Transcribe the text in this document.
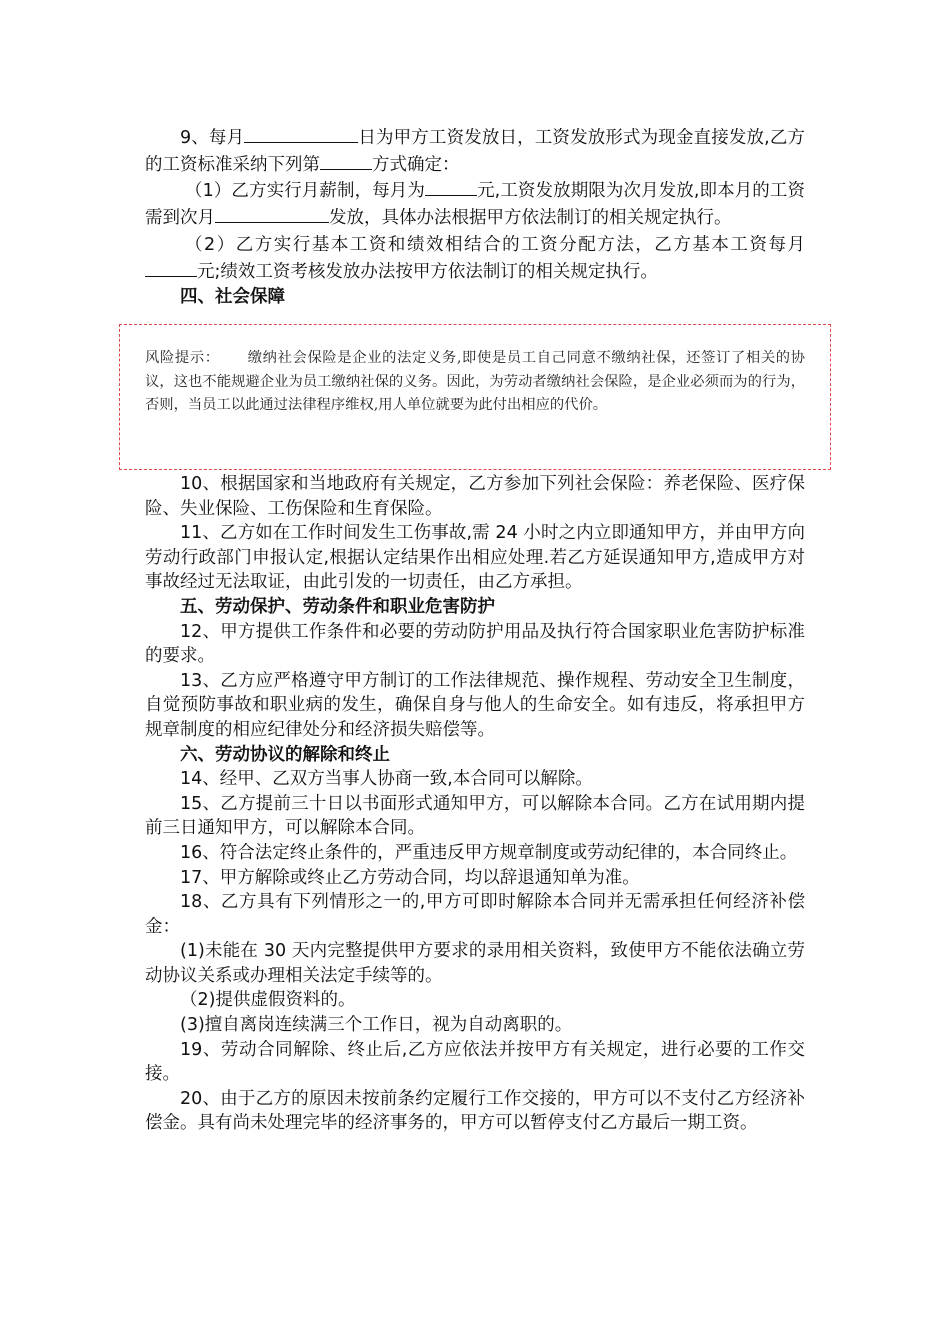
9、每月	日为甲方工资发放日，工资发放形式为现金直接发放,乙方的工资标准采纳下列第	方式确定：

（1）乙方实行月薪制，每月为	元,工资发放期限为次月发放,即本月的工资需到次月	发放，具体办法根据甲方依法制订的相关规定执行。

（2）乙方实行基本工资和绩效相结合的工资分配方法，乙方基本工资每月元;绩效工资考核发放办法按甲方依法制订的相关规定执行。

四、社会保障

风险提示： 缴纳社会保险是企业的法定义务,即使是员工自己同意不缴纳社保，还签订了相关的协议，这也不能规避企业为员工缴纳社保的义务。因此，为劳动者缴纳社会保险，是企业必须而为的行为，否则，当员工以此通过法律程序维权,用人单位就要为此付出相应的代价。

10、根据国家和当地政府有关规定，乙方参加下列社会保险：养老保险、医疗保险、失业保险、工伤保险和生育保险。

11、乙方如在工作时间发生工伤事故,需 24 小时之内立即通知甲方，并由甲方向劳动行政部门申报认定,根据认定结果作出相应处理.若乙方延误通知甲方,造成甲方对事故经过无法取证，由此引发的一切责任，由乙方承担。

五、劳动保护、劳动条件和职业危害防护

12、甲方提供工作条件和必要的劳动防护用品及执行符合国家职业危害防护标准的要求。

13、乙方应严格遵守甲方制订的工作法律规范、操作规程、劳动安全卫生制度，自觉预防事故和职业病的发生，确保自身与他人的生命安全。如有违反，将承担甲方规章制度的相应纪律处分和经济损失赔偿等。

六、劳动协议的解除和终止

14、经甲、乙双方当事人协商一致,本合同可以解除。

15、乙方提前三十日以书面形式通知甲方，可以解除本合同。乙方在试用期内提前三日通知甲方，可以解除本合同。

16、符合法定终止条件的，严重违反甲方规章制度或劳动纪律的，本合同终止。

17、甲方解除或终止乙方劳动合同，均以辞退通知单为准。

18、乙方具有下列情形之一的,甲方可即时解除本合同并无需承担任何经济补偿金：

(1)未能在 30 天内完整提供甲方要求的录用相关资料，致使甲方不能依法确立劳动协议关系或办理相关法定手续等的。

（2)提供虚假资料的。

(3)擅自离岗连续满三个工作日，视为自动离职的。

19、劳动合同解除、终止后,乙方应依法并按甲方有关规定，进行必要的工作交接。

20、由于乙方的原因未按前条约定履行工作交接的，甲方可以不支付乙方经济补偿金。具有尚未处理完毕的经济事务的，甲方可以暂停支付乙方最后一期工资。
